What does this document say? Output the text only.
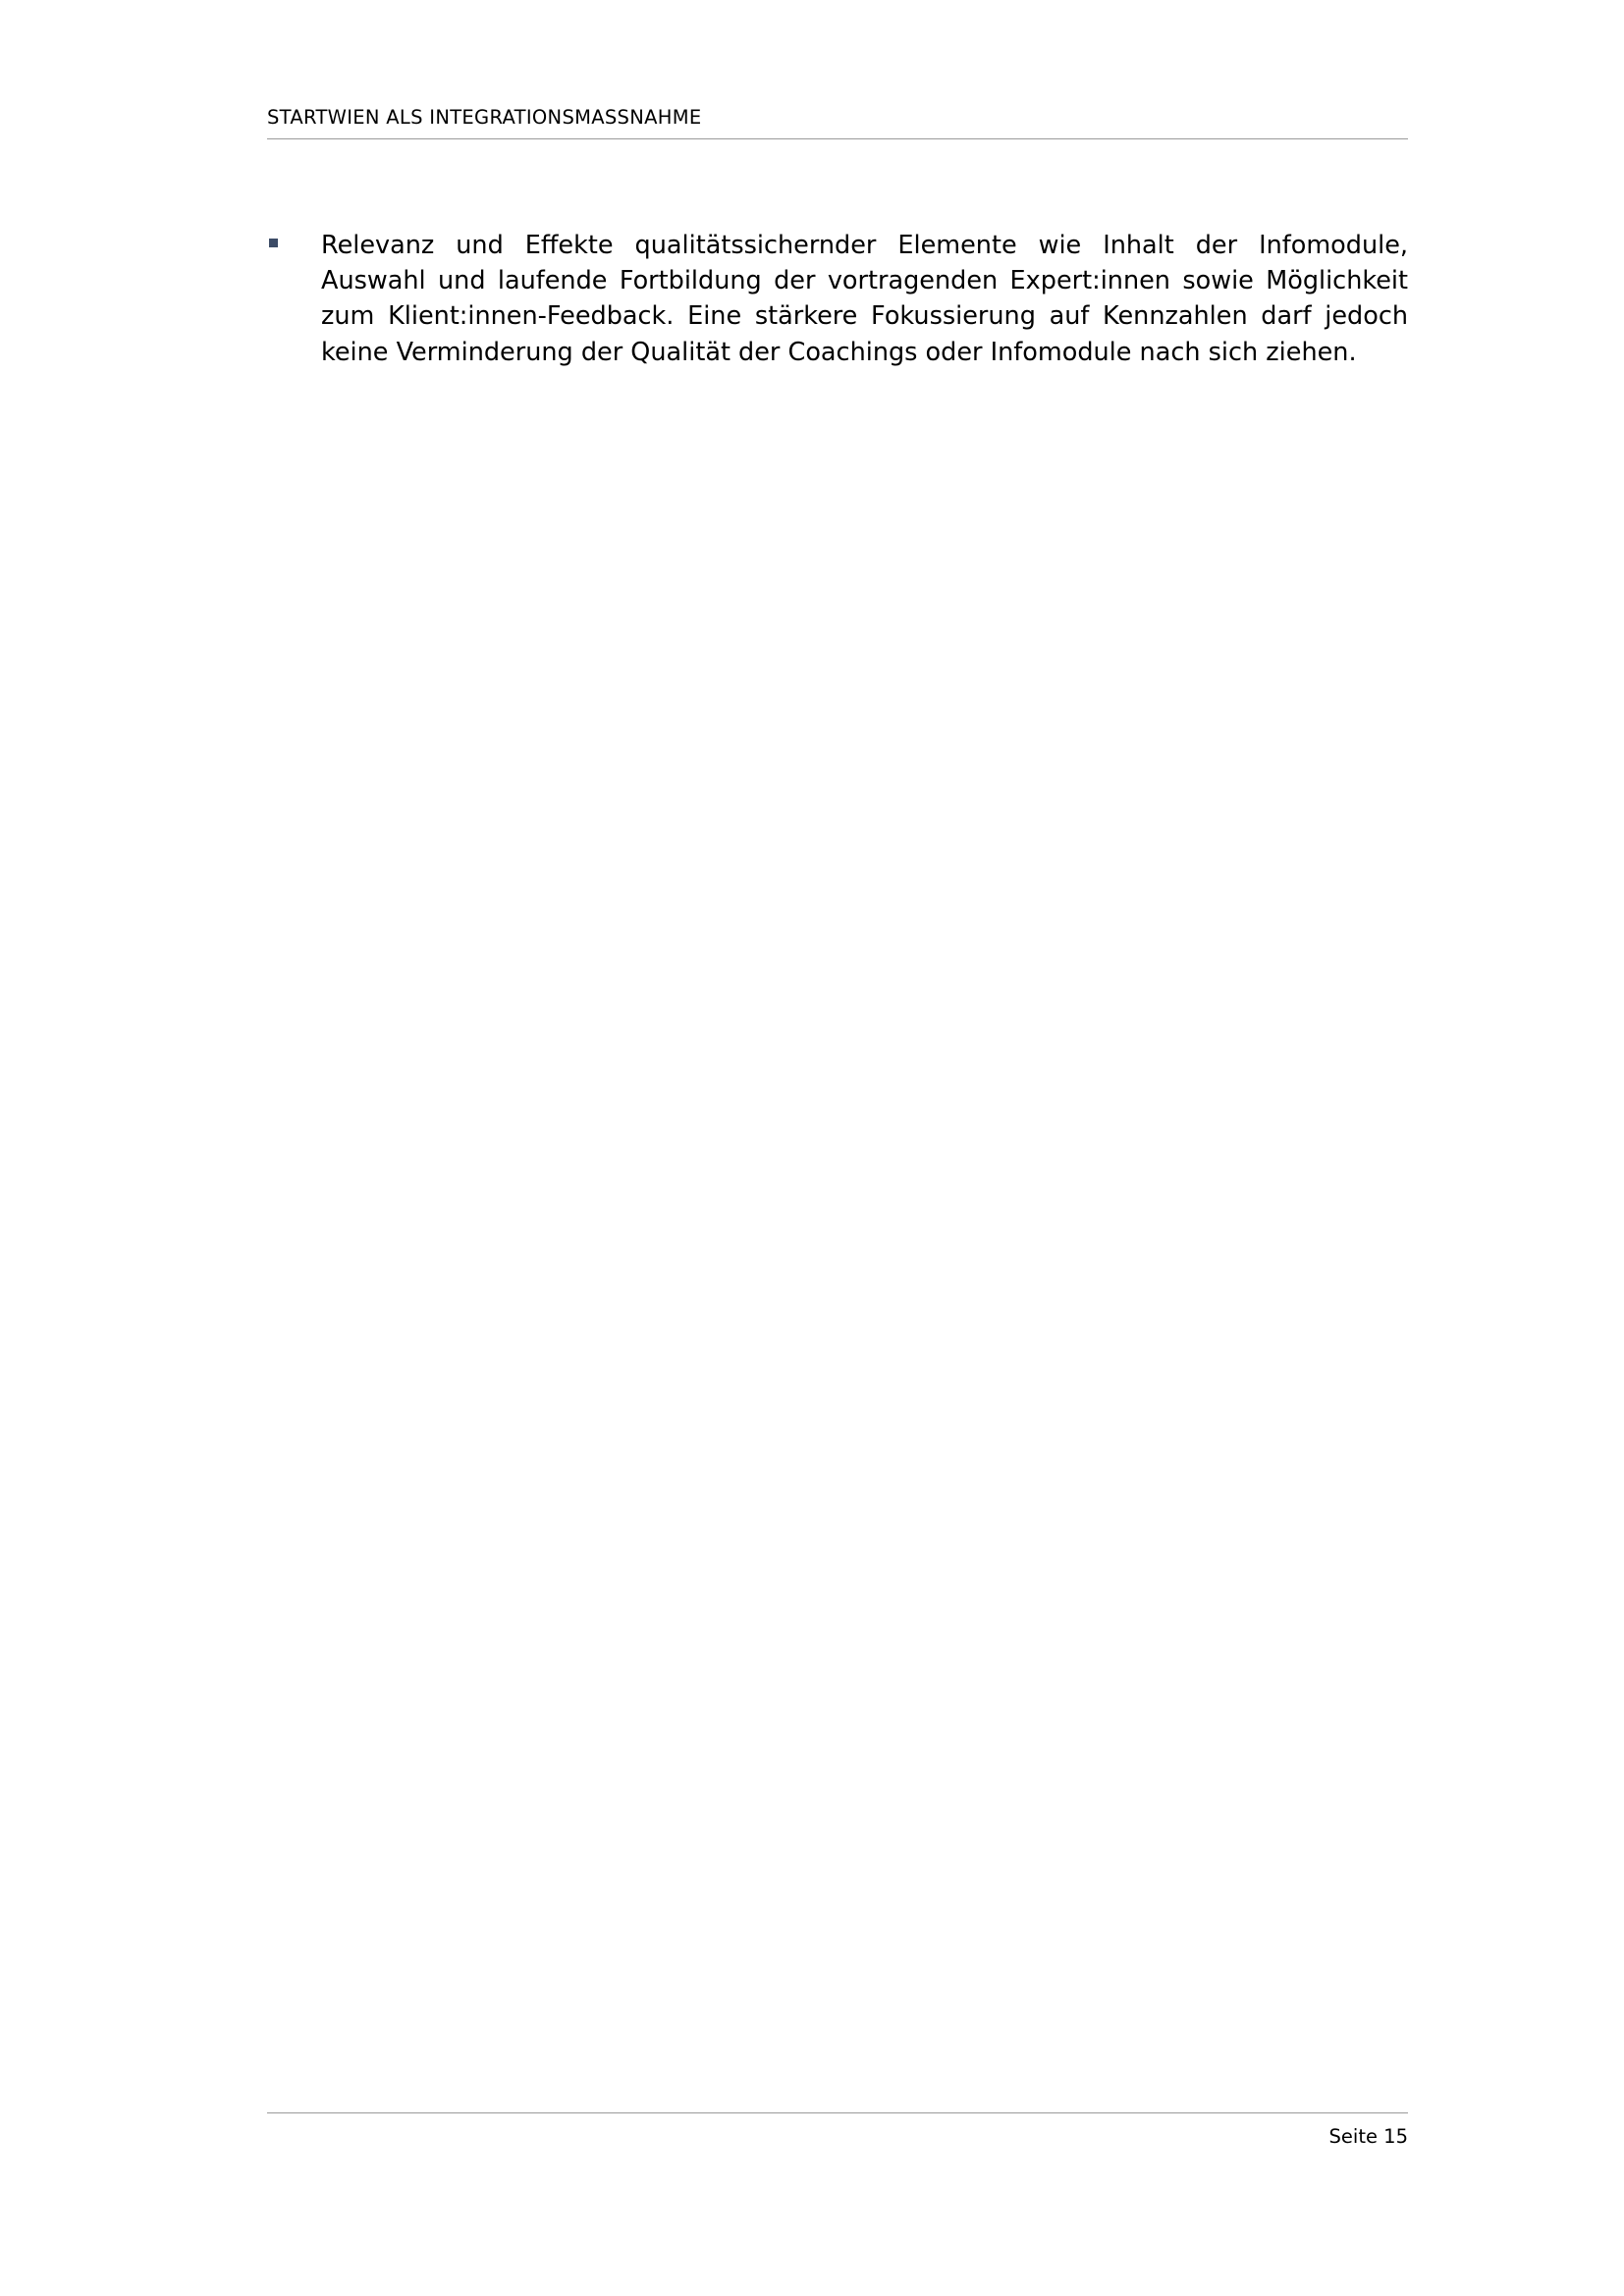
STARTWIEN ALS INTEGRATIONSMASSNAHME
Relevanz und Effekte qualitätssichernder Elemente wie Inhalt der Infomodule, Auswahl und laufende Fortbildung der vortragenden Expert:innen sowie Möglichkeit zum Klient:innen-Feedback. Eine stärkere Fokussierung auf Kennzahlen darf jedoch keine Verminderung der Qualität der Coachings oder Infomodule nach sich ziehen.
Seite 15
